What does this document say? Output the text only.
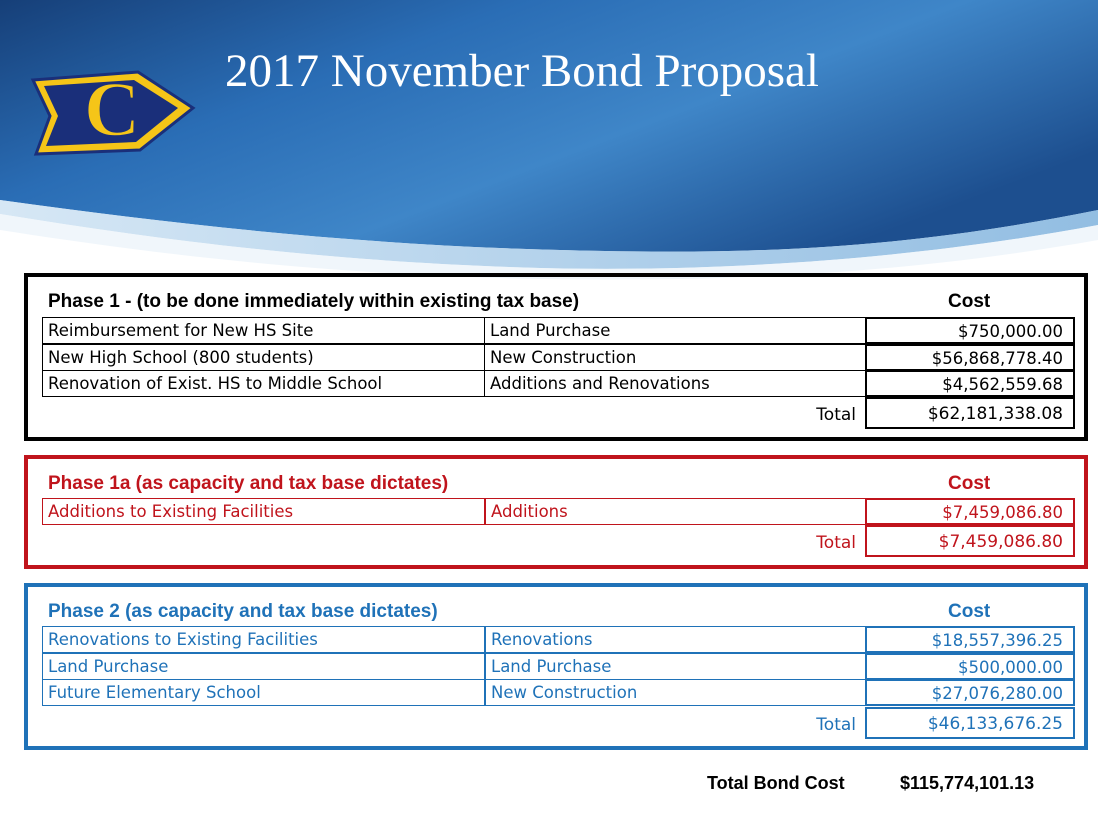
C 2017 November Bond Proposal
Phase 1 - (to be done immediately within existing tax base)	Cost
Reimbursement for New HS Site	Land Purchase	$750,000.00
New High School (800 students)	New Construction	$56,868,778.40
Renovation of Exist. HS to Middle School	Additions and Renovations	$4,562,559.68
Total	$62,181,338.08
Phase 1a (as capacity and tax base dictates)	Cost
Additions to Existing Facilities	Additions	$7,459,086.80
Total	$7,459,086.80
Phase 2 (as capacity and tax base dictates)	Cost
Renovations to Existing Facilities	Renovations	$18,557,396.25
Land Purchase	Land Purchase	$500,000.00
Future Elementary School	New Construction	$27,076,280.00
Total	$46,133,676.25
Total Bond Cost	$115,774,101.13
